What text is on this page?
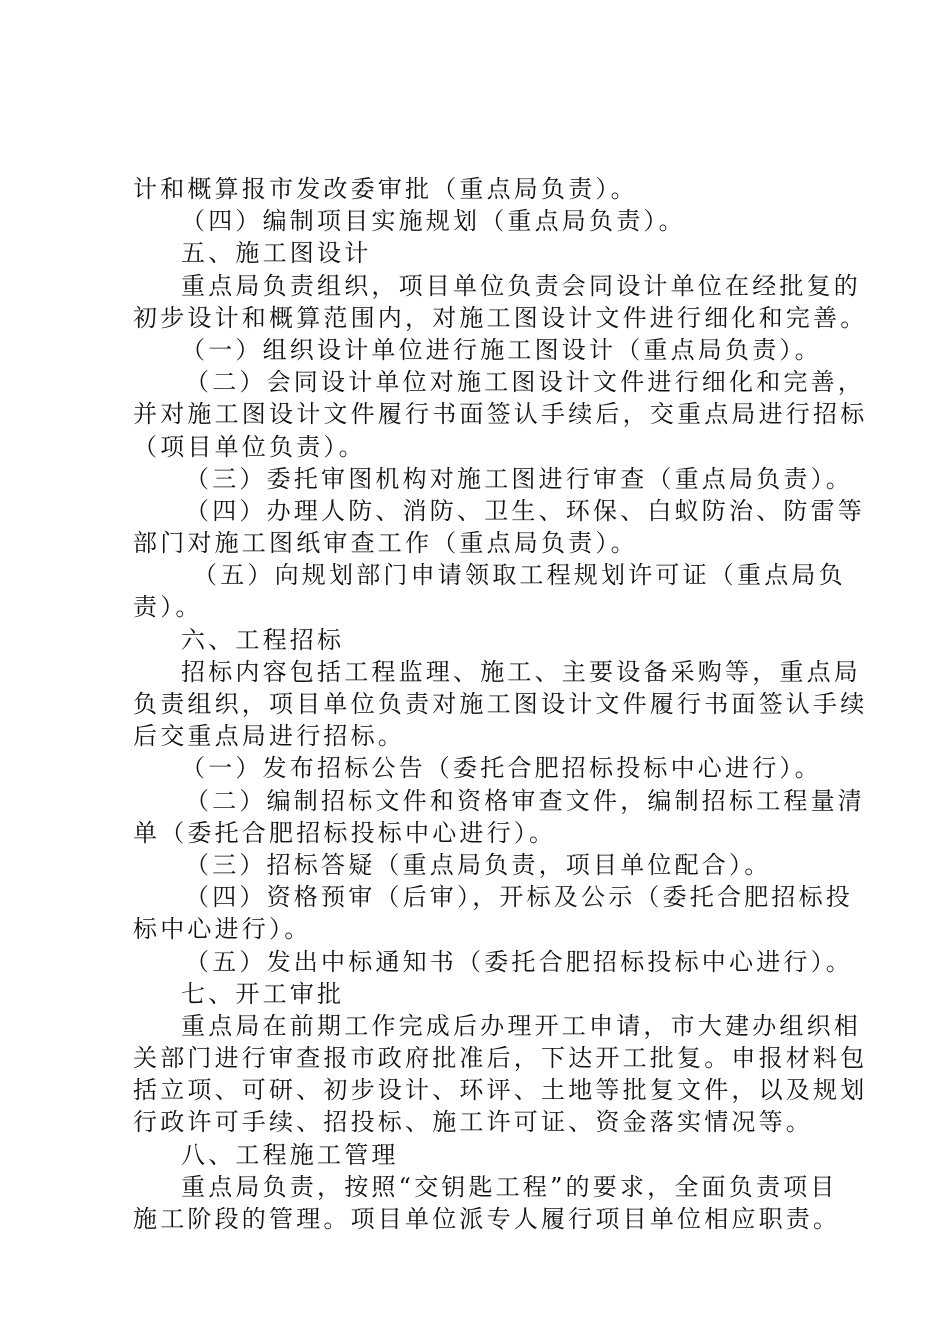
计和概算报市发改委审批（重点局负责）。
（四）编制项目实施规划（重点局负责）。
五、施工图设计
重点局负责组织，项目单位负责会同设计单位在经批复的
初步设计和概算范围内，对施工图设计文件进行细化和完善。
（一）组织设计单位进行施工图设计（重点局负责）。
（二）会同设计单位对施工图设计文件进行细化和完善，
并对施工图设计文件履行书面签认手续后，交重点局进行招标
（项目单位负责）。
（三）委托审图机构对施工图进行审查（重点局负责）。
（四）办理人防、消防、卫生、环保、白蚁防治、防雷等
部门对施工图纸审查工作（重点局负责）。
（五）向规划部门申请领取工程规划许可证（重点局负
责）。
六、工程招标
招标内容包括工程监理、施工、主要设备采购等，重点局
负责组织，项目单位负责对施工图设计文件履行书面签认手续
后交重点局进行招标。
（一）发布招标公告（委托合肥招标投标中心进行）。
（二）编制招标文件和资格审查文件，编制招标工程量清
单（委托合肥招标投标中心进行）。
（三）招标答疑（重点局负责，项目单位配合）。
（四）资格预审（后审），开标及公示（委托合肥招标投
标中心进行）。
（五）发出中标通知书（委托合肥招标投标中心进行）。
七、开工审批
重点局在前期工作完成后办理开工申请，市大建办组织相
关部门进行审查报市政府批准后，下达开工批复。申报材料包
括立项、可研、初步设计、环评、土地等批复文件，以及规划
行政许可手续、招投标、施工许可证、资金落实情况等。
八、工程施工管理
重点局负责，按照“交钥匙工程”的要求，全面负责项目
施工阶段的管理。项目单位派专人履行项目单位相应职责。
